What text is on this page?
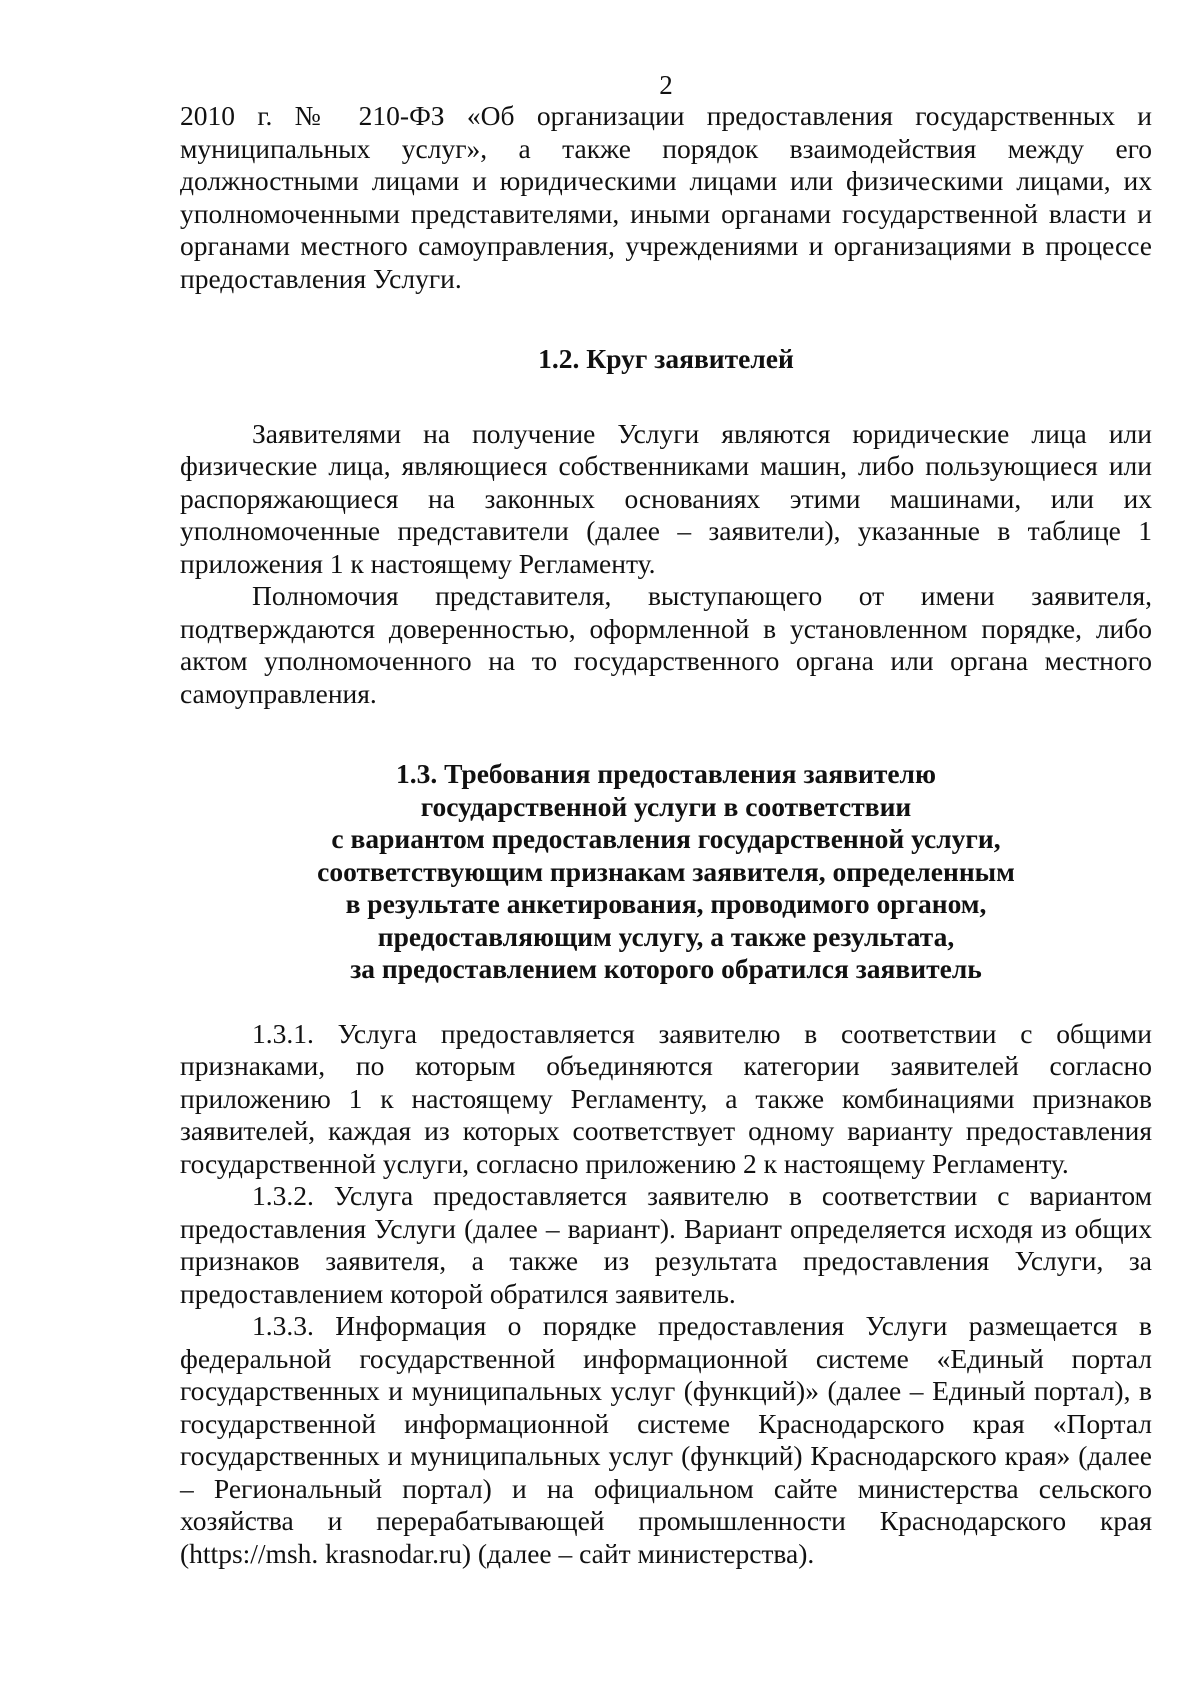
2

2010 г. № 210-ФЗ «Об организации предоставления государственных и муниципальных услуг», а также порядок взаимодействия между его должностными лицами и юридическими лицами или физическими лицами, их уполномоченными представителями, иными органами государственной власти и органами местного самоуправления, учреждениями и организациями в процессе предоставления Услуги.

1.2. Круг заявителей

Заявителями на получение Услуги являются юридические лица или физические лица, являющиеся собственниками машин, либо пользующиеся или распоряжающиеся на законных основаниях этими машинами, или их уполномоченные представители (далее – заявители), указанные в таблице 1 приложения 1 к настоящему Регламенту.

Полномочия представителя, выступающего от имени заявителя, подтверждаются доверенностью, оформленной в установленном порядке, либо актом уполномоченного на то государственного органа или органа местного самоуправления.

1.3. Требования предоставления заявителю
государственной услуги в соответствии
с вариантом предоставления государственной услуги,
соответствующим признакам заявителя, определенным
в результате анкетирования, проводимого органом,
предоставляющим услугу, а также результата,
за предоставлением которого обратился заявитель

1.3.1. Услуга предоставляется заявителю в соответствии с общими признаками, по которым объединяются категории заявителей согласно приложению 1 к настоящему Регламенту, а также комбинациями признаков заявителей, каждая из которых соответствует одному варианту предоставления государственной услуги, согласно приложению 2 к настоящему Регламенту.

1.3.2. Услуга предоставляется заявителю в соответствии с вариантом предоставления Услуги (далее – вариант). Вариант определяется исходя из общих признаков заявителя, а также из результата предоставления Услуги, за предоставлением которой обратился заявитель.

1.3.3. Информация о порядке предоставления Услуги размещается в федеральной государственной информационной системе «Единый портал государственных и муниципальных услуг (функций)» (далее – Единый портал), в государственной информационной системе Краснодарского края «Портал государственных и муниципальных услуг (функций) Краснодарского края» (далее – Региональный портал) и на официальном сайте министерства сельского хозяйства и перерабатывающей промышленности Краснодарского края (https://msh. krasnodar.ru) (далее – сайт министерства).
